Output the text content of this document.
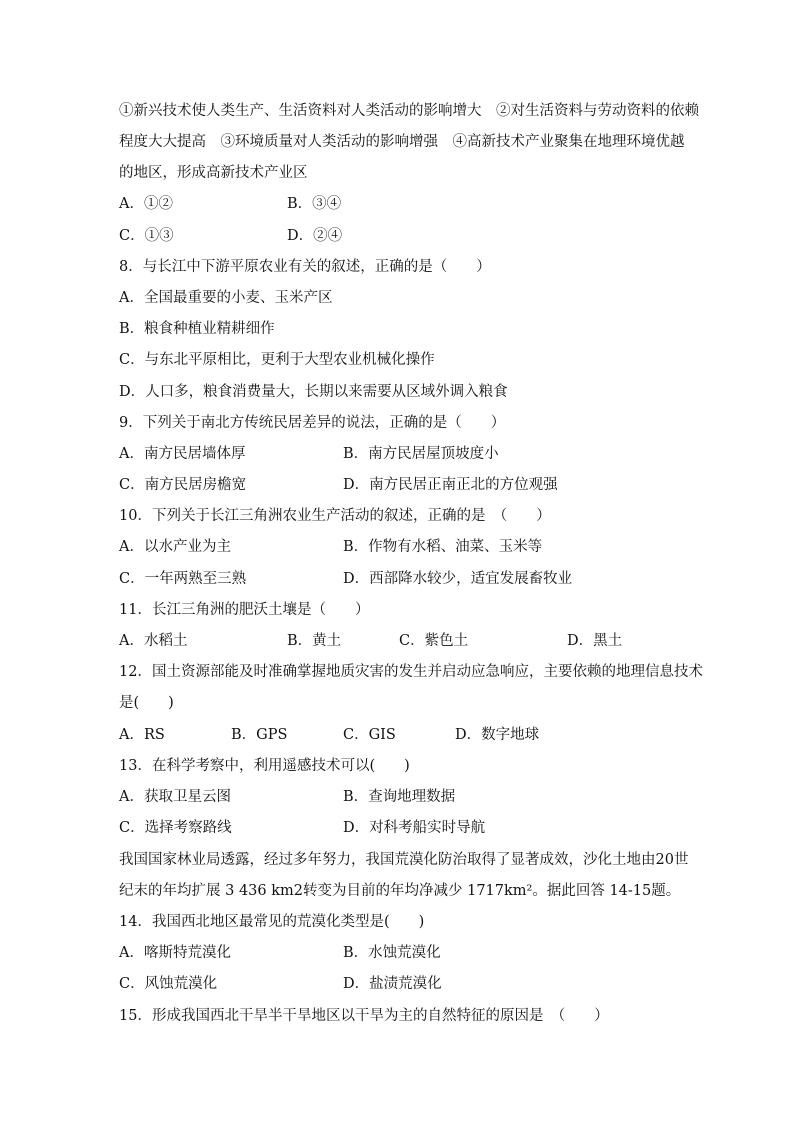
①新兴技术使人类生产、生活资料对人类活动的影响增大　②对生活资料与劳动资料的依赖
程度大大提高　③环境质量对人类活动的影响增强　④高新技术产业聚集在地理环境优越
的地区，形成高新技术产业区
A．①②	B．③④
C．①③	D．②④
8．与长江中下游平原农业有关的叙述，正确的是（　　）
A．全国最重要的小麦、玉米产区
B．粮食种植业精耕细作
C．与东北平原相比，更利于大型农业机械化操作
D．人口多，粮食消费量大，长期以来需要从区域外调入粮食
9．下列关于南北方传统民居差异的说法，正确的是（　　）
A．南方民居墙体厚	B．南方民居屋顶坡度小
C．南方民居房檐宽	D．南方民居正南正北的方位观强
10．下列关于长江三角洲农业生产活动的叙述，正确的是　（　　）
A．以水产业为主	B．作物有水稻、油菜、玉米等
C．一年两熟至三熟	D．西部降水较少，适宜发展畜牧业
11．长江三角洲的肥沃土壤是（　　）
A．水稻土	B．黄土	C．紫色土	D．黑土
12．国土资源部能及时准确掌握地质灾害的发生并启动应急响应，主要依赖的地理信息技术
是(　　)
A．RS	B．GPS	C．GIS	D．数字地球
13．在科学考察中，利用遥感技术可以(　　)
A．获取卫星云图	B．查询地理数据
C．选择考察路线	D．对科考船实时导航
我国国家林业局透露，经过多年努力，我国荒漠化防治取得了显著成效，沙化土地由20世
纪末的年均扩展 3 436 km2转变为目前的年均净减少 1717km²。据此回答 14-15题。
14．我国西北地区最常见的荒漠化类型是(　　)
A．喀斯特荒漠化	B．水蚀荒漠化
C．风蚀荒漠化	D．盐渍荒漠化
15．形成我国西北干旱半干旱地区以干旱为主的自然特征的原因是　（　　）
